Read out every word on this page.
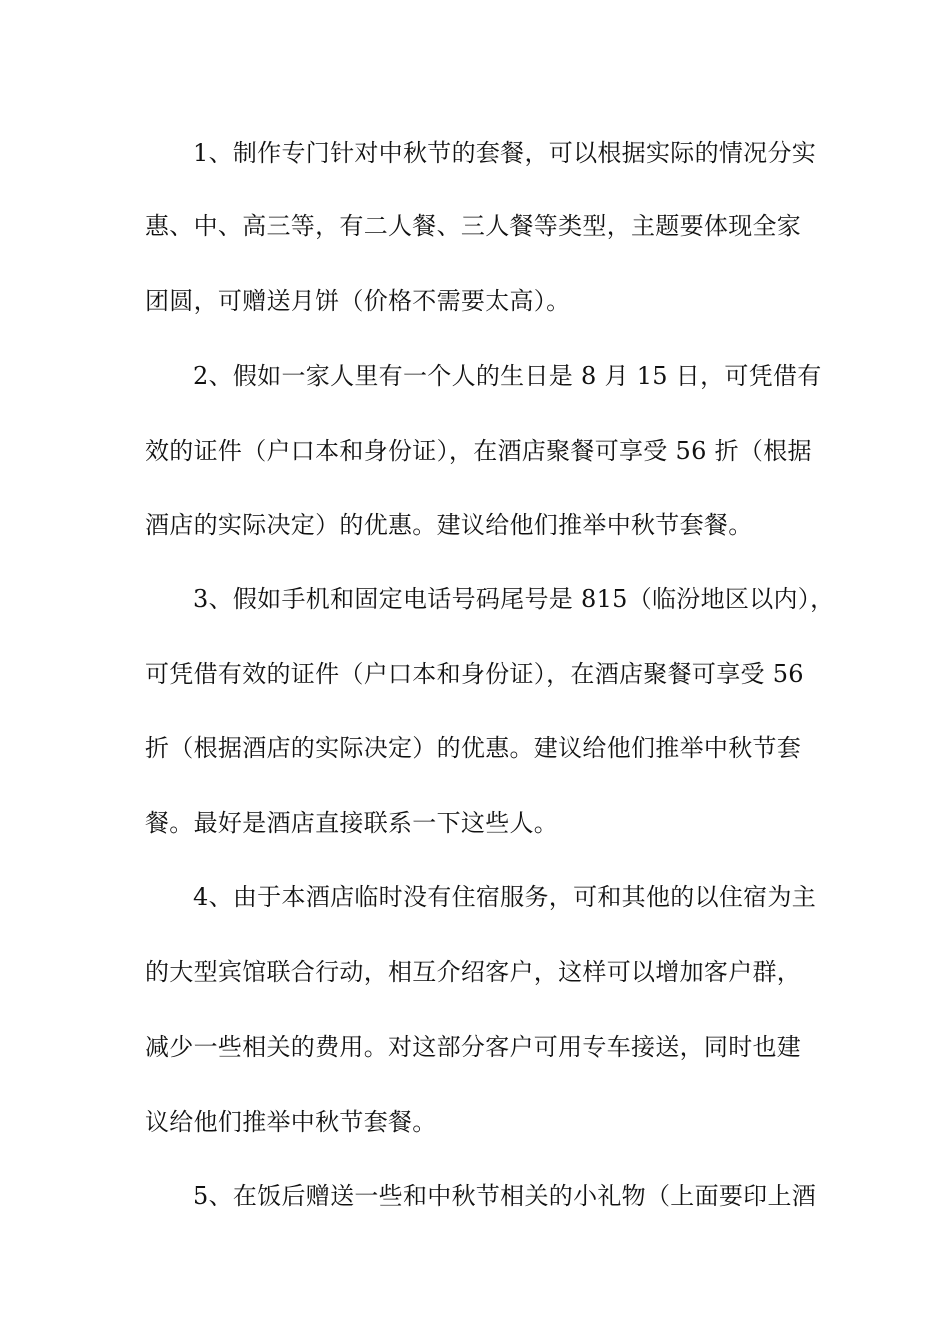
1、制作专门针对中秋节的套餐，可以根据实际的情况分实
惠、中、高三等，有二人餐、三人餐等类型，主题要体现全家
团圆，可赠送月饼（价格不需要太高）。
2、假如一家人里有一个人的生日是 8 月 15 日，可凭借有
效的证件（户口本和身份证），在酒店聚餐可享受 56 折（根据
酒店的实际决定）的优惠。建议给他们推举中秋节套餐。
3、假如手机和固定电话号码尾号是 815（临汾地区以内），
可凭借有效的证件（户口本和身份证），在酒店聚餐可享受 56
折（根据酒店的实际决定）的优惠。建议给他们推举中秋节套
餐。最好是酒店直接联系一下这些人。
4、由于本酒店临时没有住宿服务，可和其他的以住宿为主
的大型宾馆联合行动，相互介绍客户，这样可以增加客户群，
减少一些相关的费用。对这部分客户可用专车接送，同时也建
议给他们推举中秋节套餐。
5、在饭后赠送一些和中秋节相关的小礼物（上面要印上酒
